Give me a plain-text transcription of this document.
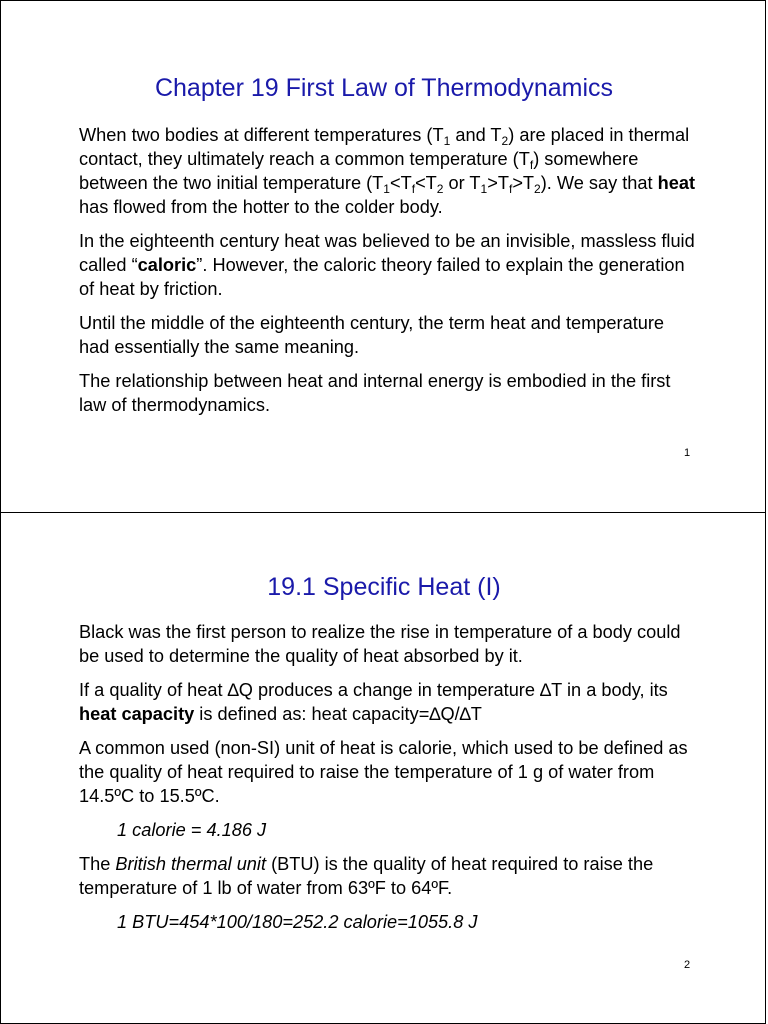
Chapter 19 First Law of Thermodynamics

When two bodies at different temperatures ($T_1$ and $T_2$) are placed in thermal contact, they ultimately reach a common temperature $(T_f)$ somewhere between the two initial temperature ($T_1<T_f<T_2$ or $T_1>T_f>T_2$). We say that heat has flowed from the hotter to the colder body.

In the eighteenth century heat was believed to be an invisible, massless fluid called “caloric”. However, the caloric theory failed to explain the generation of heat by friction.

Until the middle of the eighteenth century, the term heat and temperature had essentially the same meaning.

The relationship between heat and internal energy is embodied in the first law of thermodynamics.

1
19.1 Specific Heat (I)

Black was the first person to realize the rise in temperature of a body could be used to determine the quality of heat absorbed by it.

If a quality of heat ∆Q produces a change in temperature ∆T in a body, its heat capacity is defined as: heat capacity=∆Q/∆T

A common used (non-SI) unit of heat is calorie, which used to be defined as the quality of heat required to raise the temperature of 1 g of water from 14.5ºC to 15.5ºC.

1 calorie = 4.186 J

The British thermal unit (BTU) is the quality of heat required to raise the temperature of 1 lb of water from 63ºF to 64ºF.

1 BTU=454*100/180=252.2 calorie=1055.8 J

2
